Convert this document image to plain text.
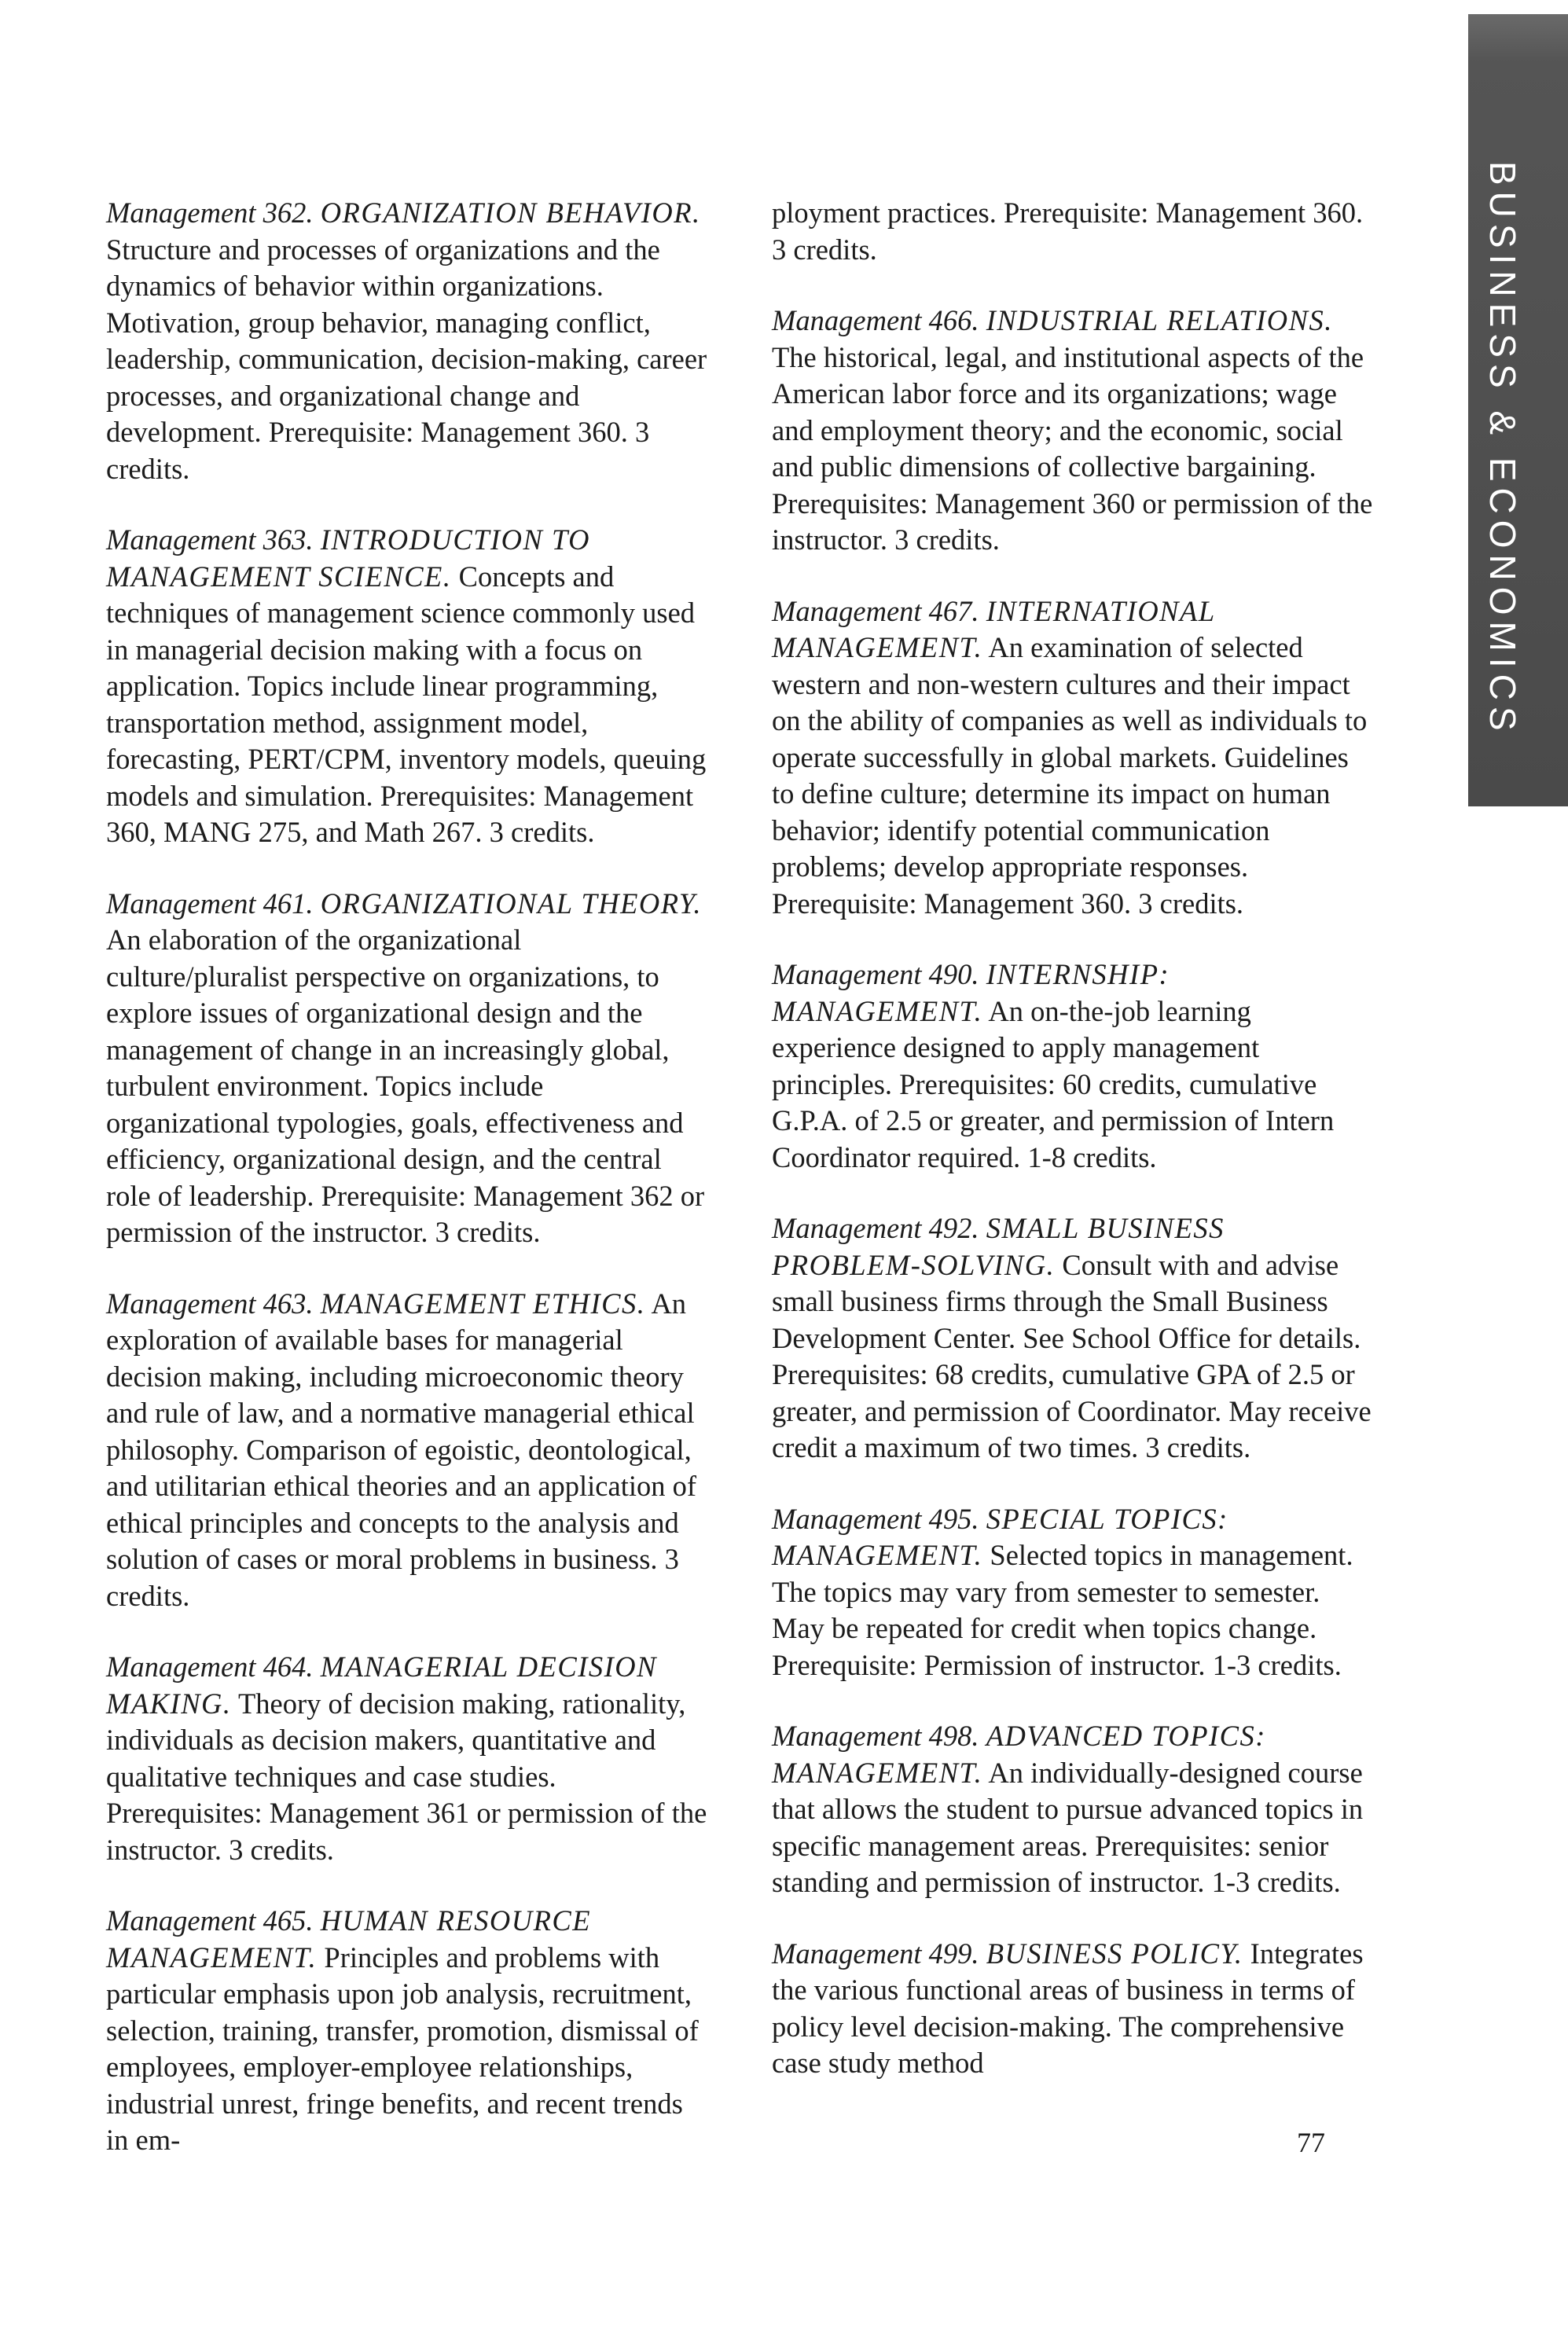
BUSINESS & ECONOMICS

Management 362. ORGANIZATION BEHAVIOR. Structure and processes of organizations and the dynamics of behavior within organizations. Motivation, group behavior, managing conflict, leadership, communication, decision-making, career processes, and organizational change and development. Prerequisite: Management 360. 3 credits.

Management 363. INTRODUCTION TO MANAGEMENT SCIENCE. Concepts and techniques of management science commonly used in managerial decision making with a focus on application. Topics include linear programming, transportation method, assignment model, forecasting, PERT/CPM, inventory models, queuing models and simulation. Prerequisites: Management 360, MANG 275, and Math 267. 3 credits.

Management 461. ORGANIZATIONAL THEORY. An elaboration of the organizational culture/pluralist perspective on organizations, to explore issues of organizational design and the management of change in an increasingly global, turbulent environment. Topics include organizational typologies, goals, effectiveness and efficiency, organizational design, and the central role of leadership. Prerequisite: Management 362 or permission of the instructor. 3 credits.

Management 463. MANAGEMENT ETHICS. An exploration of available bases for managerial decision making, including microeconomic theory and rule of law, and a normative managerial ethical philosophy. Comparison of egoistic, deontological, and utilitarian ethical theories and an application of ethical principles and concepts to the analysis and solution of cases or moral problems in business. 3 credits.

Management 464. MANAGERIAL DECISION MAKING. Theory of decision making, rationality, individuals as decision makers, quantitative and qualitative techniques and case studies. Prerequisites: Management 361 or permission of the instructor. 3 credits.

Management 465. HUMAN RESOURCE MANAGEMENT. Principles and problems with particular emphasis upon job analysis, recruitment, selection, training, transfer, promotion, dismissal of employees, employer-employee relationships, industrial unrest, fringe benefits, and recent trends in em-

ployment practices. Prerequisite: Management 360. 3 credits.

Management 466. INDUSTRIAL RELATIONS. The historical, legal, and institutional aspects of the American labor force and its organizations; wage and employment theory; and the economic, social and public dimensions of collective bargaining. Prerequisites: Management 360 or permission of the instructor. 3 credits.

Management 467. INTERNATIONAL MANAGEMENT. An examination of selected western and non-western cultures and their impact on the ability of companies as well as individuals to operate successfully in global markets. Guidelines to define culture; determine its impact on human behavior; identify potential communication problems; develop appropriate responses. Prerequisite: Management 360. 3 credits.

Management 490. INTERNSHIP: MANAGEMENT. An on-the-job learning experience designed to apply management principles. Prerequisites: 60 credits, cumulative G.P.A. of 2.5 or greater, and permission of Intern Coordinator required. 1-8 credits.

Management 492. SMALL BUSINESS PROBLEM-SOLVING. Consult with and advise small business firms through the Small Business Development Center. See School Office for details. Prerequisites: 68 credits, cumulative GPA of 2.5 or greater, and permission of Coordinator. May receive credit a maximum of two times. 3 credits.

Management 495. SPECIAL TOPICS: MANAGEMENT. Selected topics in management. The topics may vary from semester to semester. May be repeated for credit when topics change. Prerequisite: Permission of instructor. 1-3 credits.

Management 498. ADVANCED TOPICS: MANAGEMENT. An individually-designed course that allows the student to pursue advanced topics in specific management areas. Prerequisites: senior standing and permission of instructor. 1-3 credits.

Management 499. BUSINESS POLICY. Integrates the various functional areas of business in terms of policy level decision-making. The comprehensive case study method

77
